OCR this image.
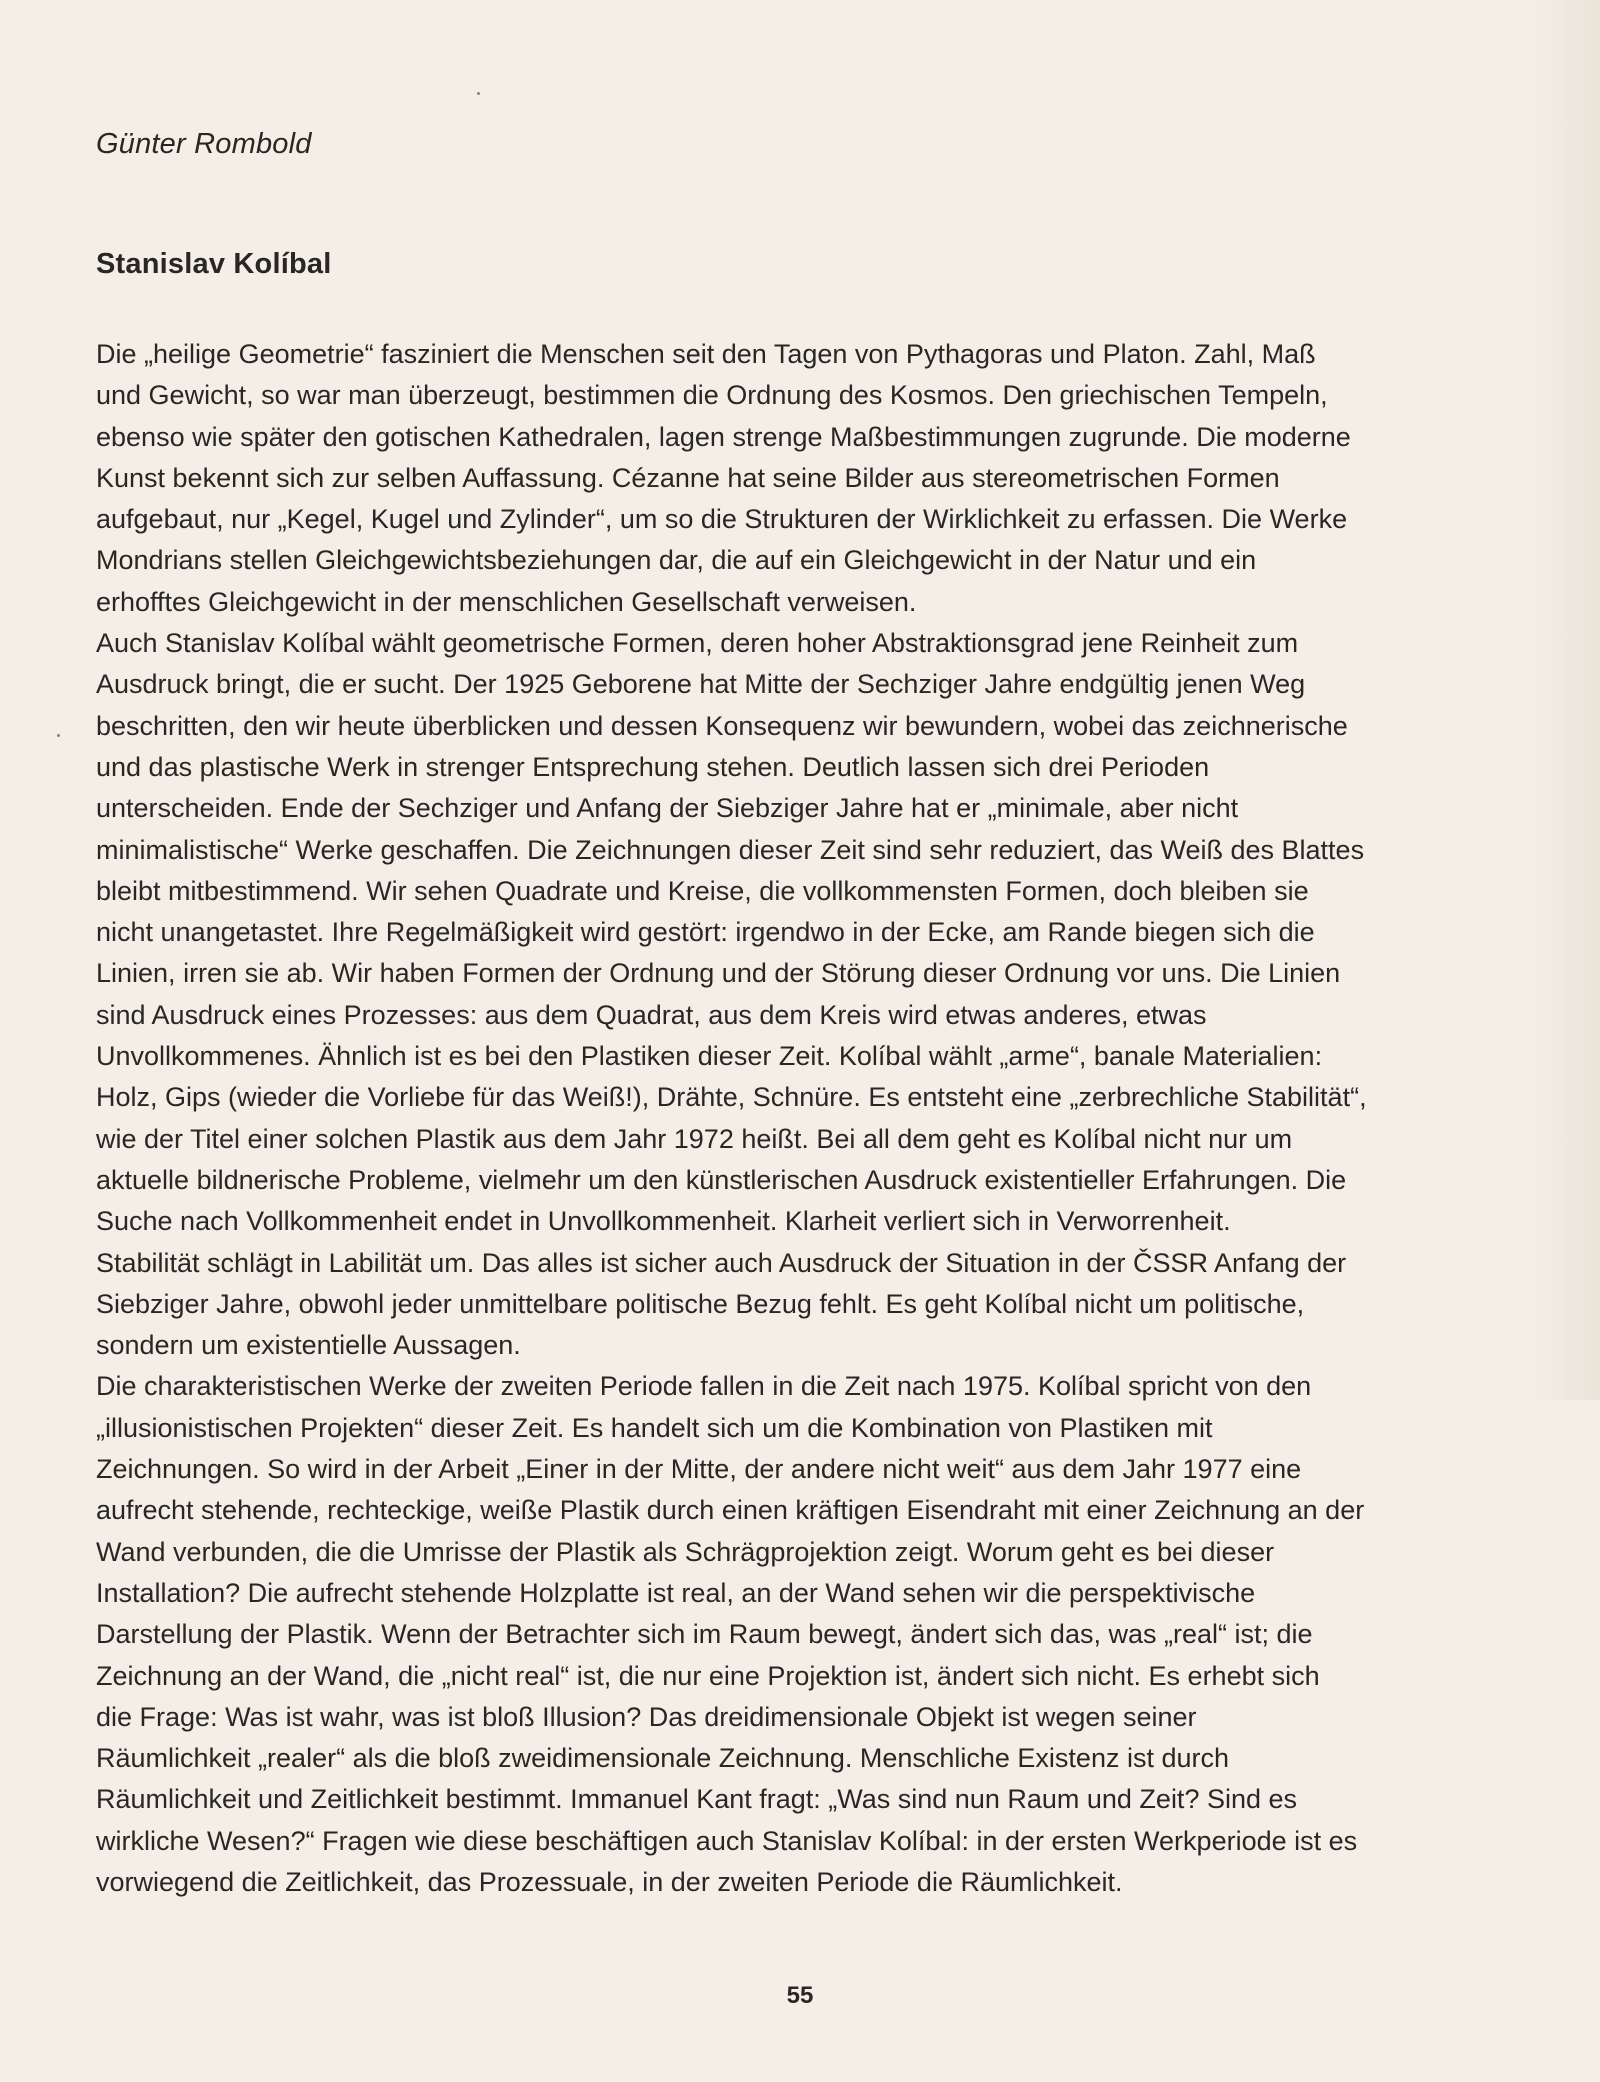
Günter Rombold
Stanislav Kolíbal
Die „heilige Geometrie“ fasziniert die Menschen seit den Tagen von Pythagoras und Platon. Zahl, Maß
und Gewicht, so war man überzeugt, bestimmen die Ordnung des Kosmos. Den griechischen Tempeln,
ebenso wie später den gotischen Kathedralen, lagen strenge Maßbestimmungen zugrunde. Die moderne
Kunst bekennt sich zur selben Auffassung. Cézanne hat seine Bilder aus stereometrischen Formen
aufgebaut, nur „Kegel, Kugel und Zylinder“, um so die Strukturen der Wirklichkeit zu erfassen. Die Werke
Mondrians stellen Gleichgewichtsbeziehungen dar, die auf ein Gleichgewicht in der Natur und ein
erhofftes Gleichgewicht in der menschlichen Gesellschaft verweisen.
Auch Stanislav Kolíbal wählt geometrische Formen, deren hoher Abstraktionsgrad jene Reinheit zum
Ausdruck bringt, die er sucht. Der 1925 Geborene hat Mitte der Sechziger Jahre endgültig jenen Weg
beschritten, den wir heute überblicken und dessen Konsequenz wir bewundern, wobei das zeichnerische
und das plastische Werk in strenger Entsprechung stehen. Deutlich lassen sich drei Perioden
unterscheiden. Ende der Sechziger und Anfang der Siebziger Jahre hat er „minimale, aber nicht
minimalistische“ Werke geschaffen. Die Zeichnungen dieser Zeit sind sehr reduziert, das Weiß des Blattes
bleibt mitbestimmend. Wir sehen Quadrate und Kreise, die vollkommensten Formen, doch bleiben sie
nicht unangetastet. Ihre Regelmäßigkeit wird gestört: irgendwo in der Ecke, am Rande biegen sich die
Linien, irren sie ab. Wir haben Formen der Ordnung und der Störung dieser Ordnung vor uns. Die Linien
sind Ausdruck eines Prozesses: aus dem Quadrat, aus dem Kreis wird etwas anderes, etwas
Unvollkommenes. Ähnlich ist es bei den Plastiken dieser Zeit. Kolíbal wählt „arme“, banale Materialien:
Holz, Gips (wieder die Vorliebe für das Weiß!), Drähte, Schnüre. Es entsteht eine „zerbrechliche Stabilität“,
wie der Titel einer solchen Plastik aus dem Jahr 1972 heißt. Bei all dem geht es Kolíbal nicht nur um
aktuelle bildnerische Probleme, vielmehr um den künstlerischen Ausdruck existentieller Erfahrungen. Die
Suche nach Vollkommenheit endet in Unvollkommenheit. Klarheit verliert sich in Verworrenheit.
Stabilität schlägt in Labilität um. Das alles ist sicher auch Ausdruck der Situation in der ČSSR Anfang der
Siebziger Jahre, obwohl jeder unmittelbare politische Bezug fehlt. Es geht Kolíbal nicht um politische,
sondern um existentielle Aussagen.
Die charakteristischen Werke der zweiten Periode fallen in die Zeit nach 1975. Kolíbal spricht von den
„illusionistischen Projekten“ dieser Zeit. Es handelt sich um die Kombination von Plastiken mit
Zeichnungen. So wird in der Arbeit „Einer in der Mitte, der andere nicht weit“ aus dem Jahr 1977 eine
aufrecht stehende, rechteckige, weiße Plastik durch einen kräftigen Eisendraht mit einer Zeichnung an der
Wand verbunden, die die Umrisse der Plastik als Schrägprojektion zeigt. Worum geht es bei dieser
Installation? Die aufrecht stehende Holzplatte ist real, an der Wand sehen wir die perspektivische
Darstellung der Plastik. Wenn der Betrachter sich im Raum bewegt, ändert sich das, was „real“ ist; die
Zeichnung an der Wand, die „nicht real“ ist, die nur eine Projektion ist, ändert sich nicht. Es erhebt sich
die Frage: Was ist wahr, was ist bloß Illusion? Das dreidimensionale Objekt ist wegen seiner
Räumlichkeit „realer“ als die bloß zweidimensionale Zeichnung. Menschliche Existenz ist durch
Räumlichkeit und Zeitlichkeit bestimmt. Immanuel Kant fragt: „Was sind nun Raum und Zeit? Sind es
wirkliche Wesen?“ Fragen wie diese beschäftigen auch Stanislav Kolíbal: in der ersten Werkperiode ist es
vorwiegend die Zeitlichkeit, das Prozessuale, in der zweiten Periode die Räumlichkeit.
55
